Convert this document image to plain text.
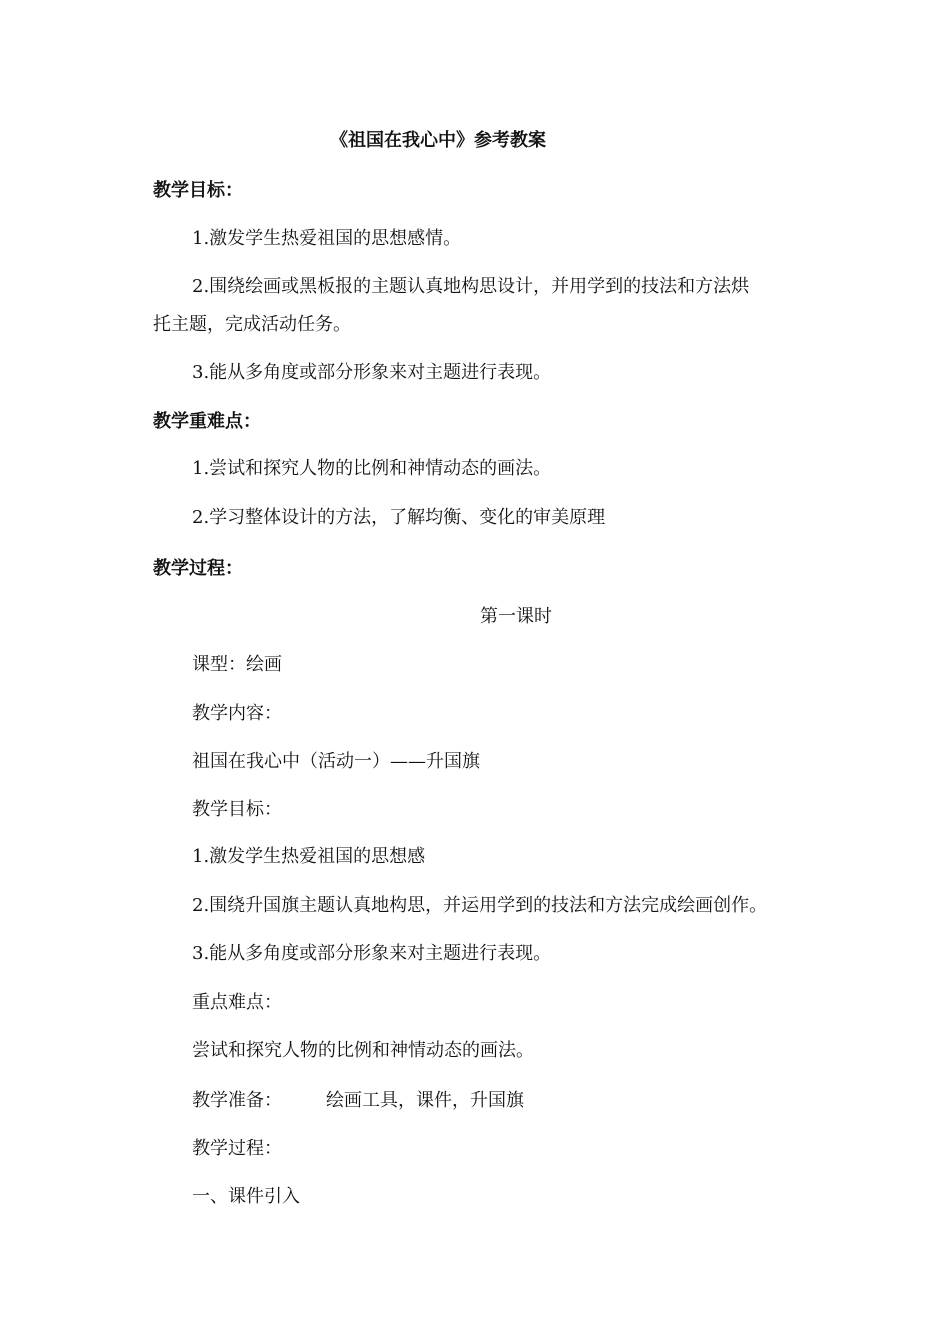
《祖国在我心中》参考教案
教学目标：
1.激发学生热爱祖国的思想感情。
2.围绕绘画或黑板报的主题认真地构思设计，并用学到的技法和方法烘
托主题，完成活动任务。
3.能从多角度或部分形象来对主题进行表现。
教学重难点：
1.尝试和探究人物的比例和神情动态的画法。
2.学习整体设计的方法，了解均衡、变化的审美原理
教学过程：
第一课时
课型：绘画
教学内容：
祖国在我心中（活动一）——升国旗
教学目标：
1.激发学生热爱祖国的思想感
2.围绕升国旗主题认真地构思，并运用学到的技法和方法完成绘画创作。
3.能从多角度或部分形象来对主题进行表现。
重点难点：
尝试和探究人物的比例和神情动态的画法。
教学准备： 绘画工具，课件，升国旗
教学过程：
一、课件引入
